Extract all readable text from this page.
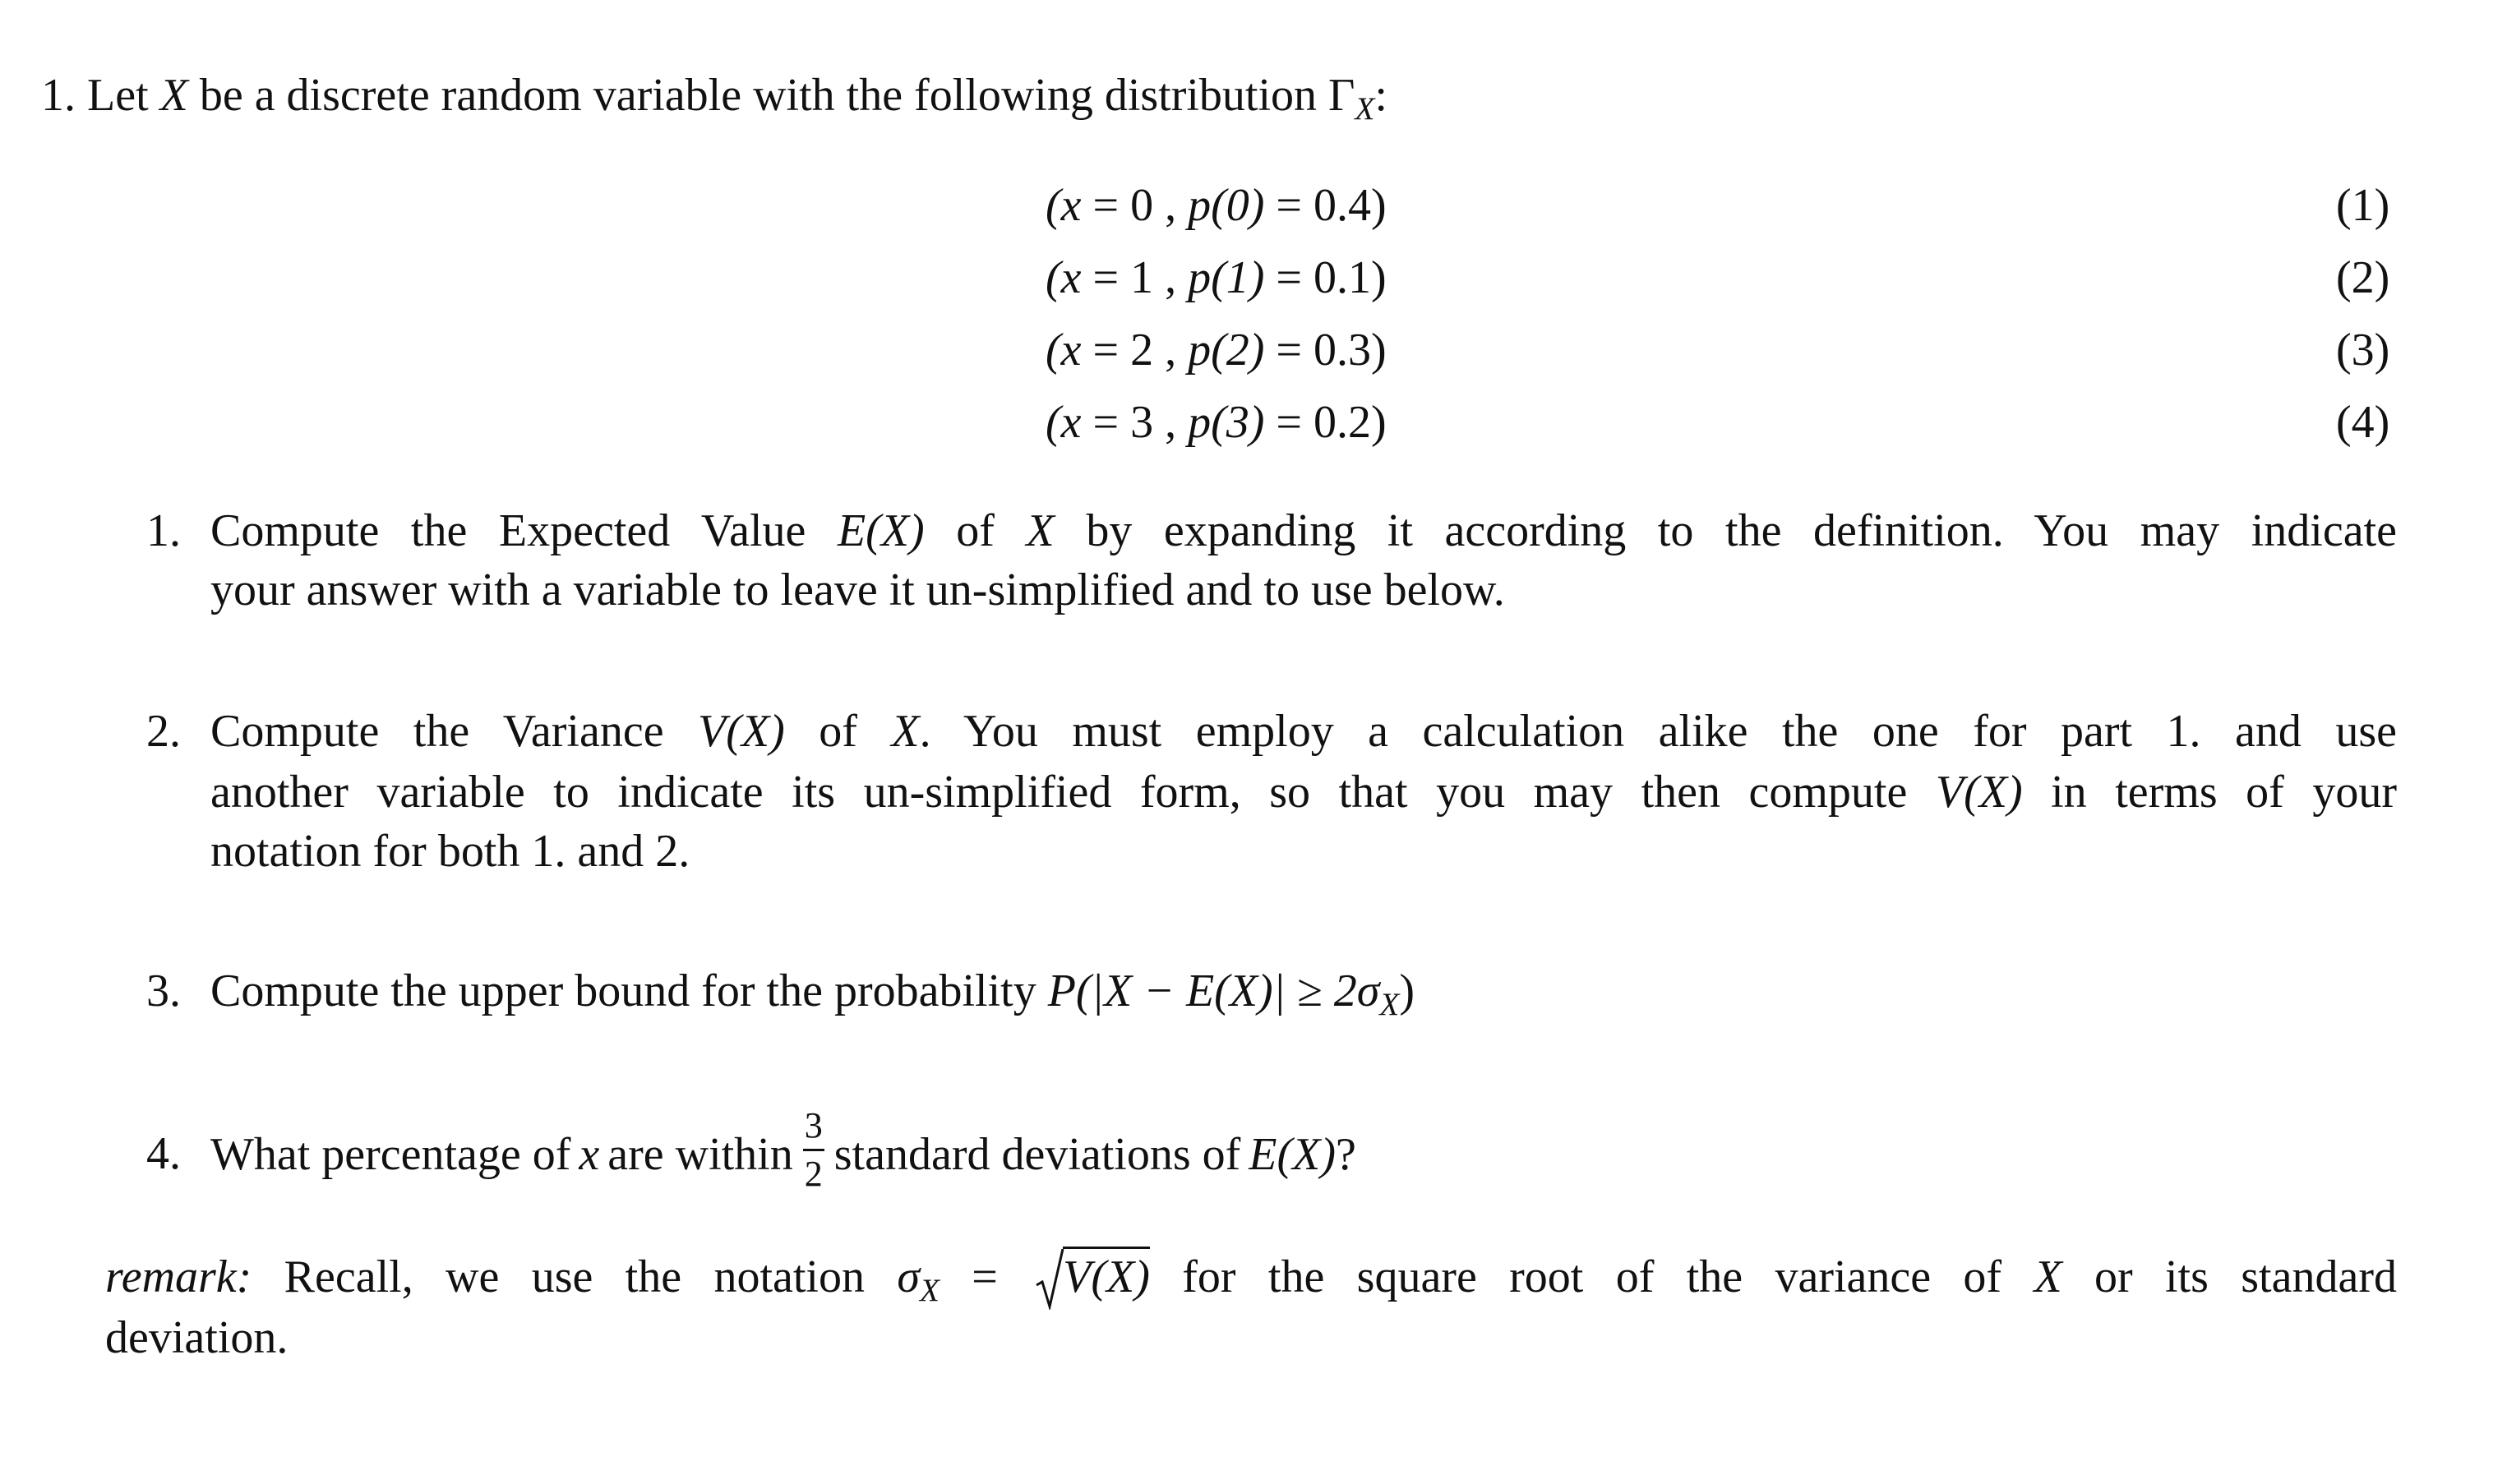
1. Let X be a discrete random variable with the following distribution $\Gamma_X$:
(x = 0 , p(0) = 0.4)	(1)
(x = 1 , p(1) = 0.1)	(2)
(x = 2 , p(2) = 0.3)	(3)
(x = 3 , p(3) = 0.2)	(4)
1. Compute the Expected Value E(X) of X by expanding it according to the definition. You may indicate
your answer with a variable to leave it un-simplified and to use below.
2. Compute the Variance V(X) of X. You must employ a calculation alike the one for part 1. and use
another variable to indicate its un-simplified form, so that you may then compute V(X) in terms of your
notation for both 1. and 2.
3. Compute the upper bound for the probability $P(|X - E(X)| \ge 2\sigma_X)$
4. What percentage of x are within $\frac{3}{2}$ standard deviations of E(X) ?
remark: Recall, we use the notation $\sigma_X$ =
V(X) for the square root of the variance of X or its standard
deviation.
